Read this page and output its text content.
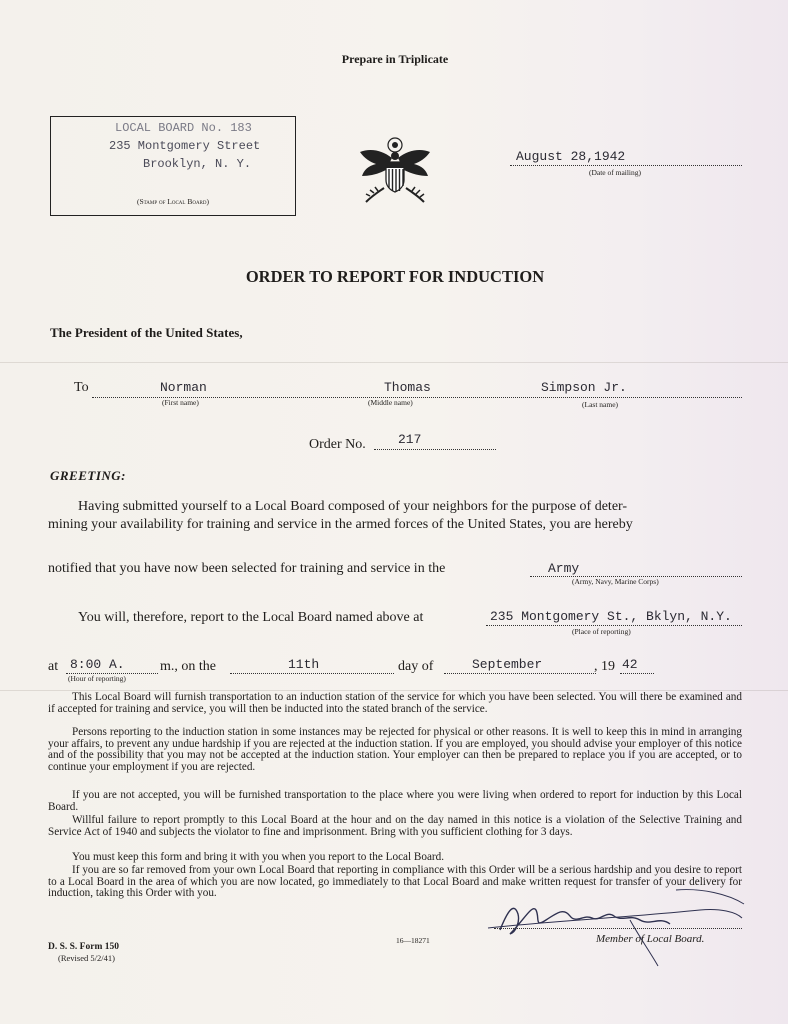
Prepare in Triplicate
LOCAL BOARD No. 183
235 Montgomery Street
Brooklyn, N. Y.
(Stamp of Local Board)
August 28,1942
(Date of mailing)
ORDER TO REPORT FOR INDUCTION
The President of the United States,
To	Norman	Thomas	Simpson Jr.
(First name)	(Middle name)	(Last name)
Order No.	217
GREETING:
Having submitted yourself to a Local Board composed of your neighbors for the purpose of deter-
mining your availability for training and service in the armed forces of the United States, you are hereby
notified that you have now been selected for training and service in the	Army
(Army, Navy, Marine Corps)
You will, therefore, report to the Local Board named above at	235 Montgomery St., Bklyn, N.Y.
(Place of reporting)
at 8:00 A.
(Hour of reporting)
m., on the	11th	day of	September	, 19 42
This Local Board will furnish transportation to an induction station of the service for which you have been selected. You will there be examined and if accepted for training and service, you will then be inducted into the stated branch of the service.
Persons reporting to the induction station in some instances may be rejected for physical or other reasons. It is well to keep this in mind in arranging your affairs, to prevent any undue hardship if you are rejected at the induction station. If you are employed, you should advise your employer of this notice and of the possibility that you may not be accepted at the induction station. Your employer can then be prepared to replace you if you are accepted, or to continue your employment if you are rejected.
If you are not accepted, you will be furnished transportation to the place where you were living when ordered to report for induction by this Local Board.
Willful failure to report promptly to this Local Board at the hour and on the day named in this notice is a violation of the Selective Training and Service Act of 1940 and subjects the violator to fine and imprisonment. Bring with you sufficient clothing for 3 days.
You must keep this form and bring it with you when you report to the Local Board.
If you are so far removed from your own Local Board that reporting in compliance with this Order will be a serious hardship and you desire to report to a Local Board in the area of which you are now located, go immediately to that Local Board and make written request for transfer of your delivery for induction, taking this Order with you.
Member of Local Board.
16—18271
D. S. S. Form 150
(Revised 5/2/41)
